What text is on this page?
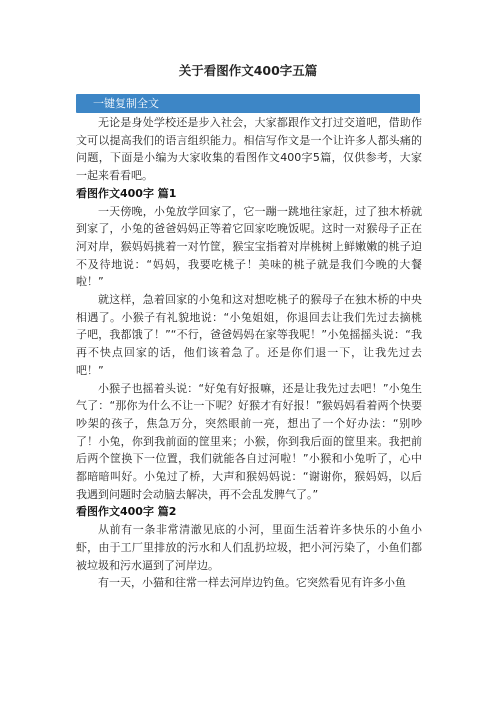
关于看图作文400字五篇
一键复制全文

无论是身处学校还是步入社会，大家都跟作文打过交道吧，借助作文可以提高我们的语言组织能力。相信写作文是一个让许多人都头痛的问题，下面是小编为大家收集的看图作文400字5篇，仅供参考，大家一起来看看吧。

看图作文400字 篇1

一天傍晚，小兔放学回家了，它一蹦一跳地往家赶，过了独木桥就到家了，小兔的爸爸妈妈正等着它回家吃晚饭呢。这时一对猴母子正在河对岸，猴妈妈挑着一对竹筐，猴宝宝指着对岸桃树上鲜嫩嫩的桃子迫不及待地说：“妈妈，我要吃桃子！美味的桃子就是我们今晚的大餐啦！”

就这样，急着回家的小兔和这对想吃桃子的猴母子在独木桥的中央相遇了。小猴子有礼貌地说：“小兔姐姐，你退回去让我们先过去摘桃子吧，我都饿了！”“不行，爸爸妈妈在家等我呢！”小兔摇摇头说：“我再不快点回家的话，他们该着急了。还是你们退一下，让我先过去吧！”

小猴子也摇着头说：“好兔有好报嘛，还是让我先过去吧！”小兔生气了：“那你为什么不让一下呢？好猴才有好报！”猴妈妈看着两个快要吵架的孩子，焦急万分，突然眼前一亮，想出了一个好办法：“别吵了！小兔，你到我前面的筐里来；小猴，你到我后面的筐里来。我把前后两个筐换下一位置，我们就能各自过河啦！”小猴和小兔听了，心中都暗暗叫好。小兔过了桥，大声和猴妈妈说：“谢谢你，猴妈妈，以后我遇到问题时会动脑去解决，再不会乱发脾气了。”

看图作文400字 篇2

从前有一条非常清澈见底的小河，里面生活着许多快乐的小鱼小虾，由于工厂里排放的污水和人们乱扔垃圾，把小河污染了，小鱼们都被垃圾和污水逼到了河岸边。

有一天，小猫和往常一样去河岸边钓鱼。它突然看见有许多小鱼
